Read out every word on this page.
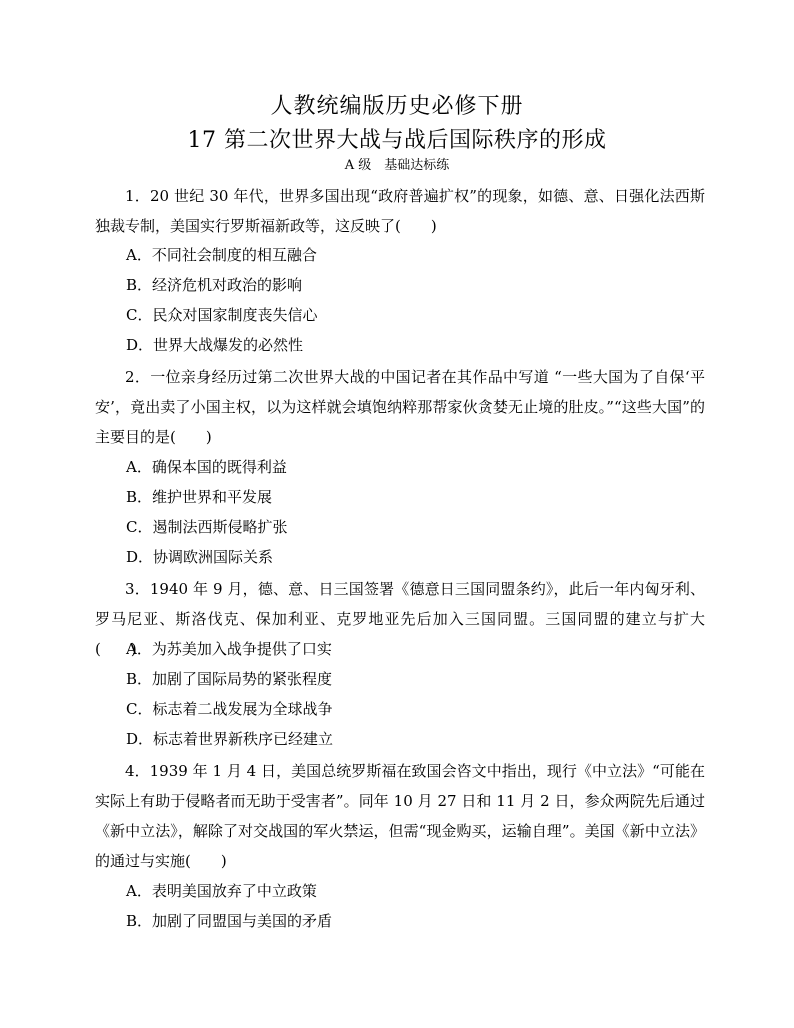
人教统编版历史必修下册
17 第二次世界大战与战后国际秩序的形成
A 级　基础达标练
1．20 世纪 30 年代，世界多国出现“政府普遍扩权”的现象，如德、意、日强化法西斯独裁专制，美国实行罗斯福新政等，这反映了(　　)
A．不同社会制度的相互融合
B．经济危机对政治的影响
C．民众对国家制度丧失信心
D．世界大战爆发的必然性
2．一位亲身经历过第二次世界大战的中国记者在其作品中写道 “一些大国为了自保‘平安’，竟出卖了小国主权，以为这样就会填饱纳粹那帮家伙贪婪无止境的肚皮。”“这些大国”的主要目的是(　　)
A．确保本国的既得利益
B．维护世界和平发展
C．遏制法西斯侵略扩张
D．协调欧洲国际关系
3．1940 年 9 月，德、意、日三国签署《德意日三国同盟条约》，此后一年内匈牙利、罗马尼亚、斯洛伐克、保加利亚、克罗地亚先后加入三国同盟。三国同盟的建立与扩大(　　)
A．为苏美加入战争提供了口实
B．加剧了国际局势的紧张程度
C．标志着二战发展为全球战争
D．标志着世界新秩序已经建立
4．1939 年 1 月 4 日，美国总统罗斯福在致国会咨文中指出，现行《中立法》“可能在实际上有助于侵略者而无助于受害者”。同年 10 月 27 日和 11 月 2 日，参众两院先后通过《新中立法》，解除了对交战国的军火禁运，但需“现金购买，运输自理”。美国《新中立法》的通过与实施(　　)
A．表明美国放弃了中立政策
B．加剧了同盟国与美国的矛盾
